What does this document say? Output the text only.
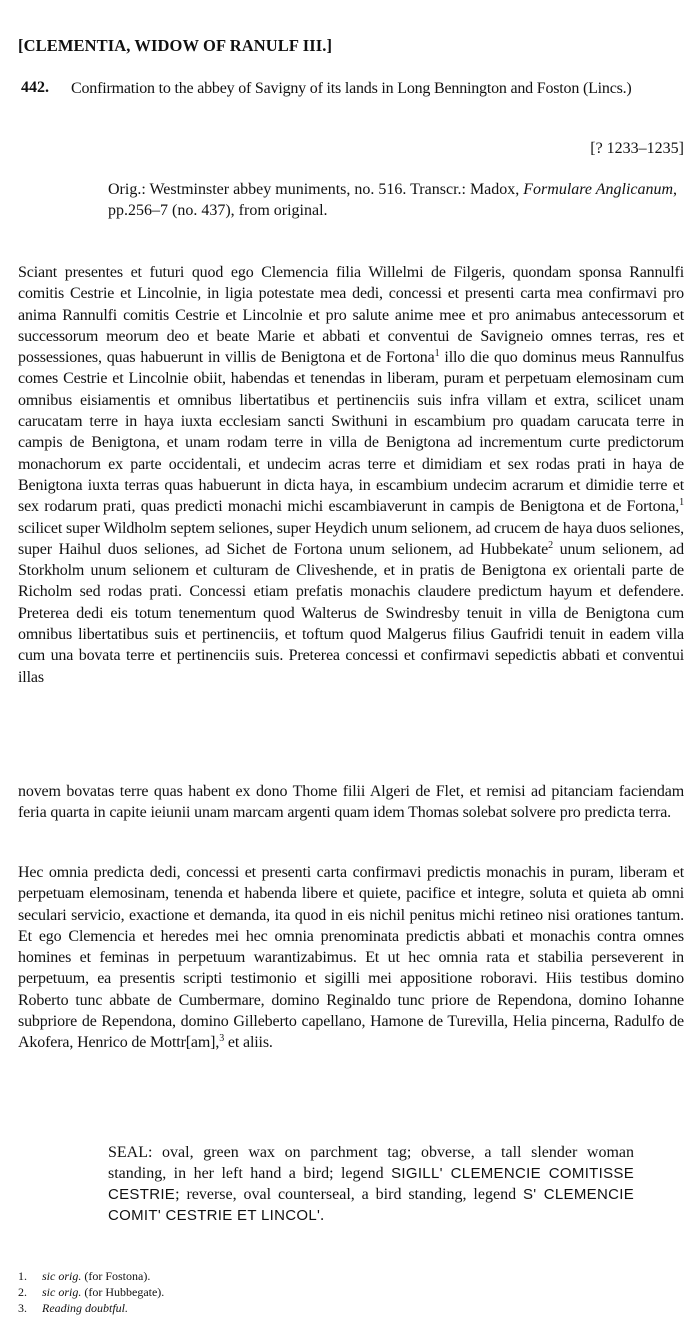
[CLEMENTIA, WIDOW OF RANULF III.]
442. Confirmation to the abbey of Savigny of its lands in Long Bennington and Foston (Lincs.)
[? 1233–1235]
Orig.: Westminster abbey muniments, no. 516. Transcr.: Madox, Formulare Anglicanum, pp.256–7 (no. 437), from original.
Sciant presentes et futuri quod ego Clemencia filia Willelmi de Filgeris, quondam sponsa Rannulfi comitis Cestrie et Lincolnie, in ligia potestate mea dedi, concessi et presenti carta mea confirmavi pro anima Rannulfi comitis Cestrie et Lincolnie et pro salute anime mee et pro animabus antecessorum et successorum meorum deo et beate Marie et abbati et conventui de Savigneio omnes terras, res et possessiones, quas habuerunt in villis de Benigtona et de Fortona$^1$ illo die quo dominus meus Rannulfus comes Cestrie et Lincolnie obiit, habendas et tenendas in liberam, puram et perpetuam elemosinam cum omnibus eisiamentis et omnibus libertatibus et pertinenciis suis infra villam et extra, scilicet unam carucatam terre in haya iuxta ecclesiam sancti Swithuni in escambium pro quadam carucata terre in campis de Benigtona, et unam rodam terre in villa de Benigtona ad incrementum curte predictorum monachorum ex parte occidentali, et undecim acras terre et dimidiam et sex rodas prati in haya de Benigtona iuxta terras quas habuerunt in dicta haya, in escambium undecim acrarum et dimidie terre et sex rodarum prati, quas predicti monachi michi escambiaverunt in campis de Benigtona et de Fortona,$^1$ scilicet super Wildholm septem seliones, super Heydich unum selionem, ad crucem de haya duos seliones, super Haihul duos seliones, ad Sichet de Fortona unum selionem, ad Hubbekate$^2$ unum selionem, ad Storkholm unum selionem et culturam de Cliveshende, et in pratis de Benigtona ex orientali parte de Richolm sed rodas prati. Concessi etiam prefatis monachis claudere predictum hayum et defendere. Preterea dedi eis totum tenementum quod Walterus de Swindresby tenuit in villa de Benigtona cum omnibus libertatibus suis et pertinenciis, et toftum quod Malgerus filius Gaufridi tenuit in eadem villa cum una bovata terre et pertinenciis suis. Preterea concessi et confirmavi sepedictis abbati et conventui illas
novem bovatas terre quas habent ex dono Thome filii Algeri de Flet, et remisi ad pitanciam faciendam feria quarta in capite ieiunii unam marcam argenti quam idem Thomas solebat solvere pro predicta terra.
Hec omnia predicta dedi, concessi et presenti carta confirmavi predictis monachis in puram, liberam et perpetuam elemosinam, tenenda et habenda libere et quiete, pacifice et integre, soluta et quieta ab omni seculari servicio, exactione et demanda, ita quod in eis nichil penitus michi retineo nisi orationes tantum. Et ego Clemencia et heredes mei hec omnia prenominata predictis abbati et monachis contra omnes homines et feminas in perpetuum warantizabimus. Et ut hec omnia rata et stabilia perseverent in perpetuum, ea presentis scripti testimonio et sigilli mei appositione roboravi. Hiis testibus domino Roberto tunc abbate de Cumbermare, domino Reginaldo tunc priore de Rependona, domino Iohanne subpriore de Rependona, domino Gilleberto capellano, Hamone de Turevilla, Helia pincerna, Radulfo de Akofera, Henrico de Mottr[am],$^3$ et aliis.
SEAL: oval, green wax on parchment tag; obverse, a tall slender woman standing, in her left hand a bird; legend SIGILL' CLEMENCIE COMITISSE CESTRIE; reverse, oval counterseal, a bird standing, legend S' CLEMENCIE COMIT' CESTRIE ET LINCOL'.
1. sic orig. (for Fostona).
2. sic orig. (for Hubbegate).
3. Reading doubtful.
